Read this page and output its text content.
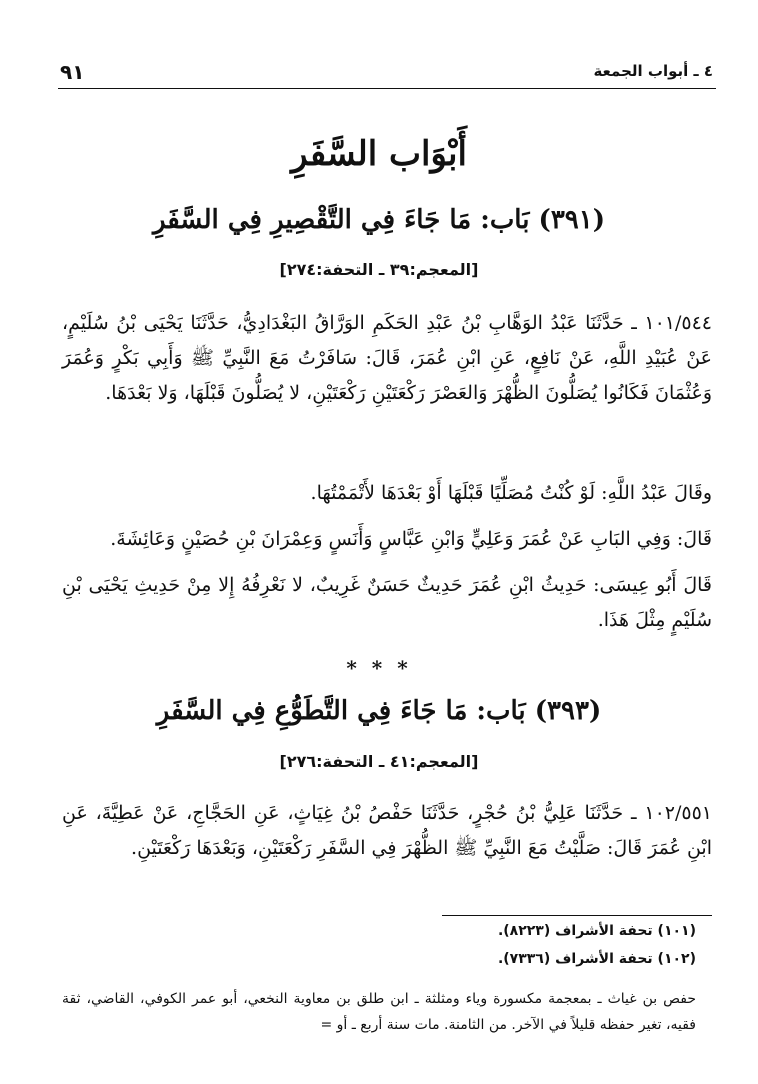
٤ ـ أبواب الجمعة
٩١
أَبْوَاب السَّفَرِ
(٣٩١) بَاب: مَا جَاءَ فِي التَّقْصِيرِ فِي السَّفَرِ
[المعجم:٣٩ ـ التحفة:٢٧٤]
١٠١/٥٤٤ ـ حَدَّثَنَا عَبْدُ الوَهَّابِ بْنُ عَبْدِ الحَكَمِ الوَرَّاقُ البَغْدَادِيُّ، حَدَّثَنَا يَحْيَى بْنُ سُلَيْمٍ، عَنْ عُبَيْدِ اللَّهِ، عَنْ نَافِعٍ، عَنِ ابْنِ عُمَرَ، قَالَ: سَافَرْتُ مَعَ النَّبِيِّ ﷺ وَأَبِي بَكْرٍ وَعُمَرَ وَعُثْمَانَ فَكَانُوا يُصَلُّونَ الظُّهْرَ وَالعَصْرَ رَكْعَتَيْنِ رَكْعَتَيْنِ، لا يُصَلُّونَ قَبْلَهَا، وَلا بَعْدَهَا.
وقَالَ عَبْدُ اللَّهِ: لَوْ كُنْتُ مُصَلِّيًا قَبْلَهَا أَوْ بَعْدَهَا لأَتْمَمْتُهَا.
قَالَ: وَفِي البَابِ عَنْ عُمَرَ وَعَلِيٍّ وَابْنِ عَبَّاسٍ وَأَنَسٍ وَعِمْرَانَ بْنِ حُصَيْنٍ وَعَائِشَةَ.
قَالَ أَبُو عِيسَى: حَدِيثُ ابْنِ عُمَرَ حَدِيثٌ حَسَنٌ غَرِيبٌ، لا نَعْرِفُهُ إِلا مِنْ حَدِيثِ يَحْيَى بْنِ سُلَيْمٍ مِثْلَ هَذَا.
* * *
(٣٩٣) بَاب: مَا جَاءَ فِي التَّطَوُّعِ فِي السَّفَرِ
[المعجم:٤١ ـ التحفة:٢٧٦]
١٠٢/٥٥١ ـ حَدَّثَنَا عَلِيُّ بْنُ حُجْرٍ، حَدَّثَنَا حَفْصُ بْنُ غِيَاثٍ، عَنِ الحَجَّاجِ، عَنْ عَطِيَّةَ، عَنِ ابْنِ عُمَرَ قَالَ: صَلَّيْتُ مَعَ النَّبِيِّ ﷺ الظُّهْرَ فِي السَّفَرِ رَكْعَتَيْنِ، وَبَعْدَهَا رَكْعَتَيْنِ.
(١٠١) تحفة الأشراف (٨٢٢٣).
(١٠٢) تحفة الأشراف (٧٣٣٦).
حفص بن غياث ـ بمعجمة مكسورة وياء ومثلثة ـ ابن طلق بن معاوية النخعي، أبو عمر الكوفي، القاضي، ثقة فقيه، تغير حفظه قليلاً في الآخر. من الثامنة. مات سنة أربع ـ أو =
